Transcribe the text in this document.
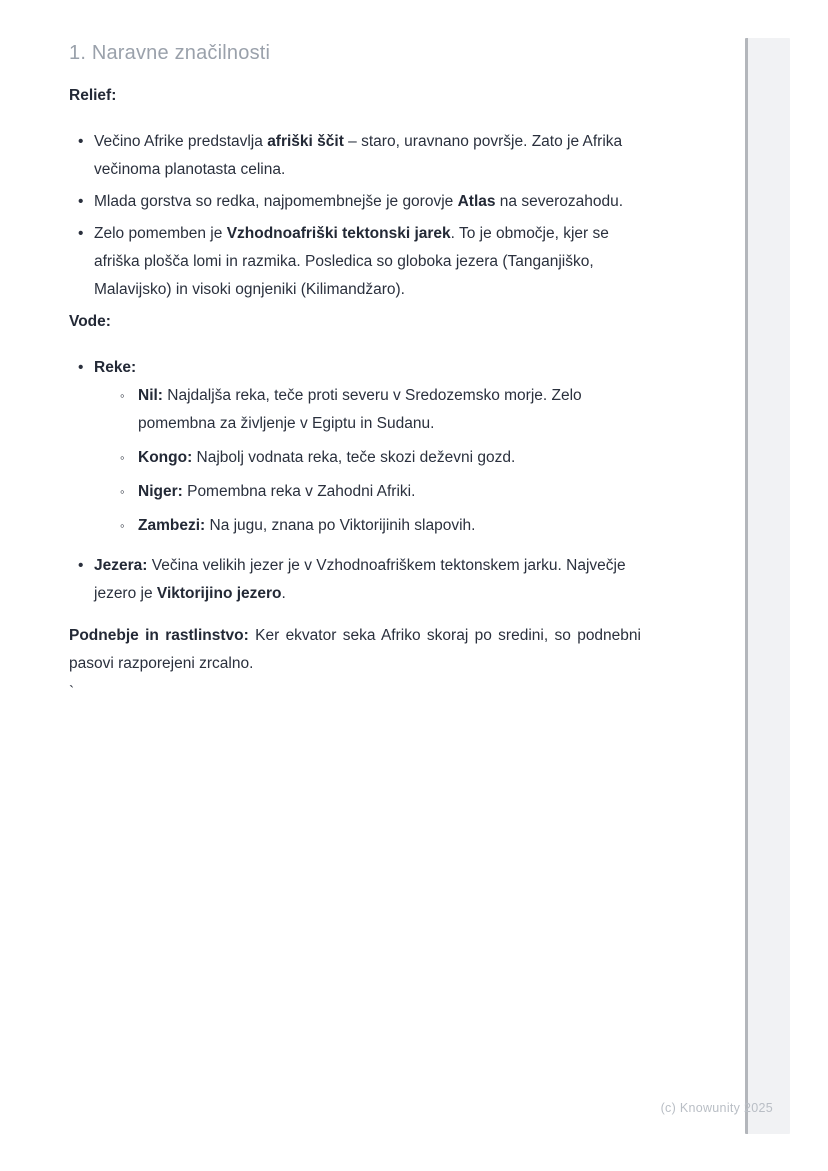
1. Naravne značilnosti
Relief:
• Večino Afrike predstavlja afriški ščit – staro, uravnano površje. Zato je Afrika večinoma planotasta celina.
• Mlada gorstva so redka, najpomembnejše je gorovje Atlas na severozahodu.
• Zelo pomemben je Vzhodnoafriški tektonski jarek. To je območje, kjer se afriška plošča lomi in razmika. Posledica so globoka jezera (Tanganjiško, Malavijsko) in visoki ognjeniki (Kilimandžaro).
Vode:
• Reke:
◦ Nil: Najdaljša reka, teče proti severu v Sredozemsko morje. Zelo pomembna za življenje v Egiptu in Sudanu.
◦ Kongo: Najbolj vodnata reka, teče skozi deževni gozd.
◦ Niger: Pomembna reka v Zahodni Afriki.
◦ Zambezi: Na jugu, znana po Viktorijinih slapovih.
• Jezera: Večina velikih jezer je v Vzhodnoafriškem tektonskem jarku. Največje jezero je Viktorijino jezero.

Podnebje in rastlinstvo: Ker ekvator seka Afriko skoraj po sredini, so podnebni pasovi razporejeni zrcalno.

`

(c) Knowunity 2025
